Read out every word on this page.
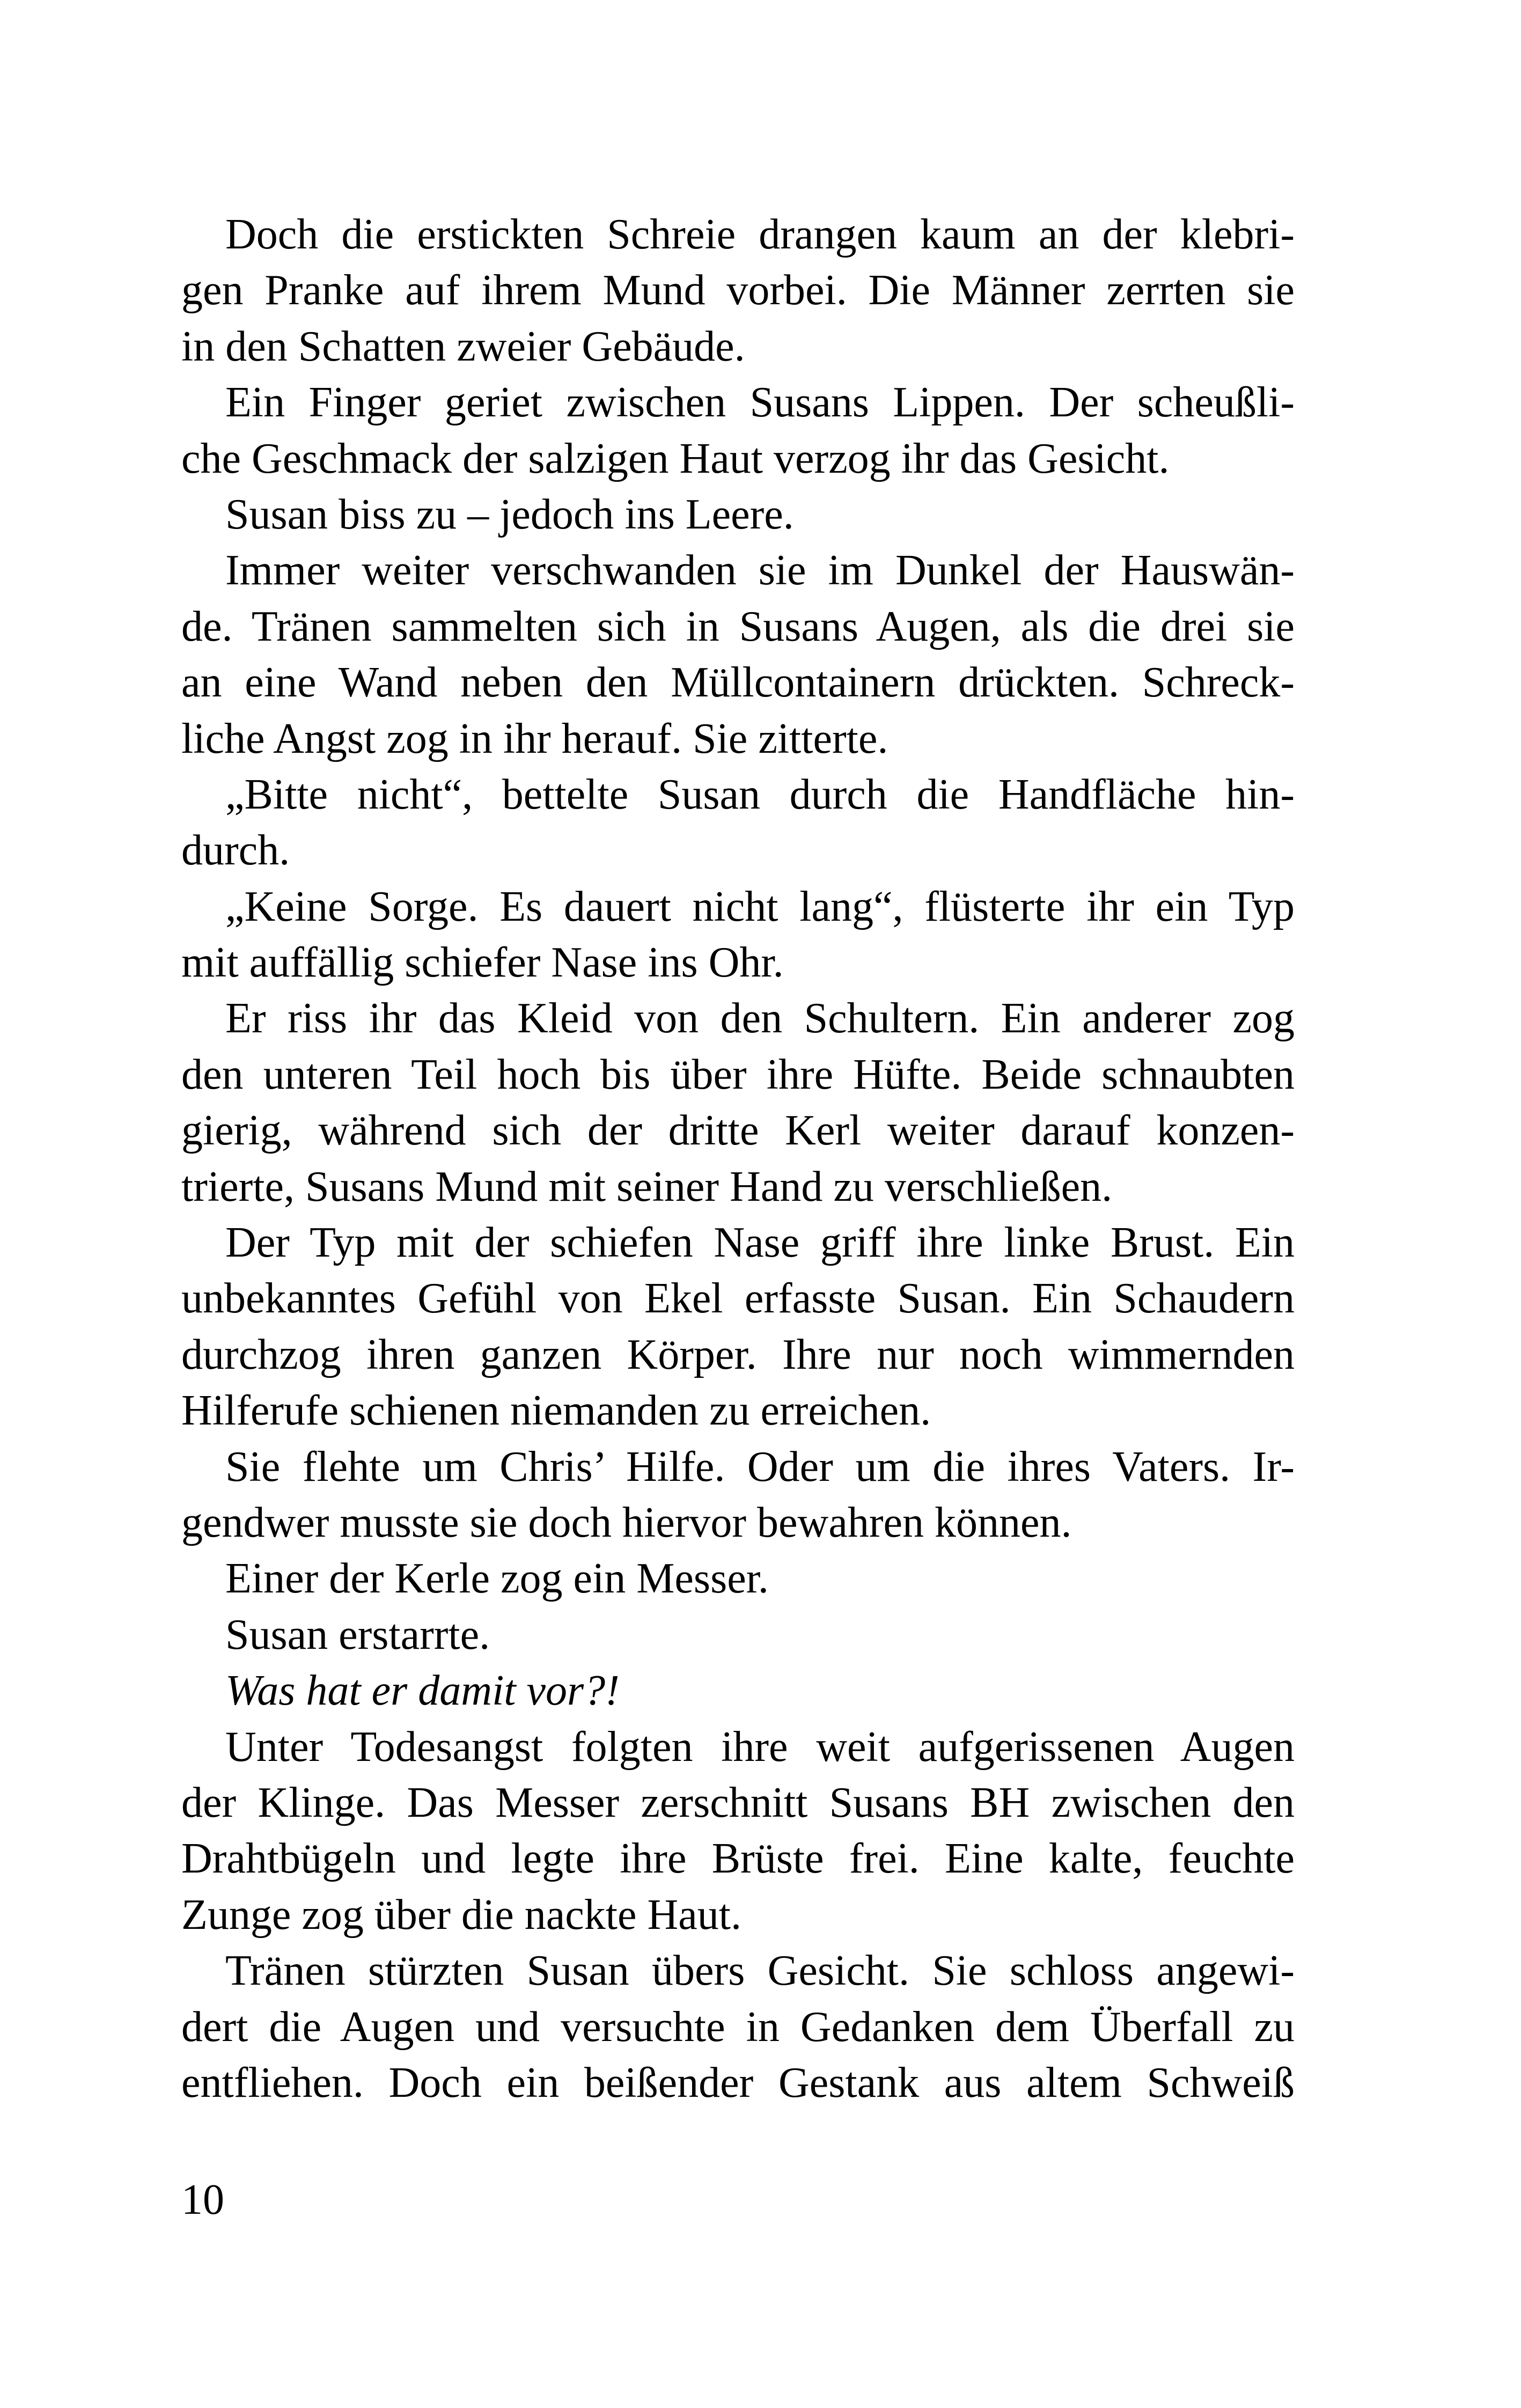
Doch die erstickten Schreie drangen kaum an der klebri-
gen Pranke auf ihrem Mund vorbei. Die Männer zerrten sie
in den Schatten zweier Gebäude.
Ein Finger geriet zwischen Susans Lippen. Der scheußli-
che Geschmack der salzigen Haut verzog ihr das Gesicht.
Susan biss zu – jedoch ins Leere.
Immer weiter verschwanden sie im Dunkel der Hauswän-
de. Tränen sammelten sich in Susans Augen, als die drei sie
an eine Wand neben den Müllcontainern drückten. Schreck-
liche Angst zog in ihr herauf. Sie zitterte.
„Bitte nicht“, bettelte Susan durch die Handfläche hin-
durch.
„Keine Sorge. Es dauert nicht lang“, flüsterte ihr ein Typ
mit auffällig schiefer Nase ins Ohr.
Er riss ihr das Kleid von den Schultern. Ein anderer zog
den unteren Teil hoch bis über ihre Hüfte. Beide schnaubten
gierig, während sich der dritte Kerl weiter darauf konzen-
trierte, Susans Mund mit seiner Hand zu verschließen.
Der Typ mit der schiefen Nase griff ihre linke Brust. Ein
unbekanntes Gefühl von Ekel erfasste Susan. Ein Schaudern
durchzog ihren ganzen Körper. Ihre nur noch wimmernden
Hilferufe schienen niemanden zu erreichen.
Sie flehte um Chris’ Hilfe. Oder um die ihres Vaters. Ir-
gendwer musste sie doch hiervor bewahren können.
Einer der Kerle zog ein Messer.
Susan erstarrte.
Was hat er damit vor?!
Unter Todesangst folgten ihre weit aufgerissenen Augen
der Klinge. Das Messer zerschnitt Susans BH zwischen den
Drahtbügeln und legte ihre Brüste frei. Eine kalte, feuchte
Zunge zog über die nackte Haut.
Tränen stürzten Susan übers Gesicht. Sie schloss angewi-
dert die Augen und versuchte in Gedanken dem Überfall zu
entfliehen. Doch ein beißender Gestank aus altem Schweiß
10
